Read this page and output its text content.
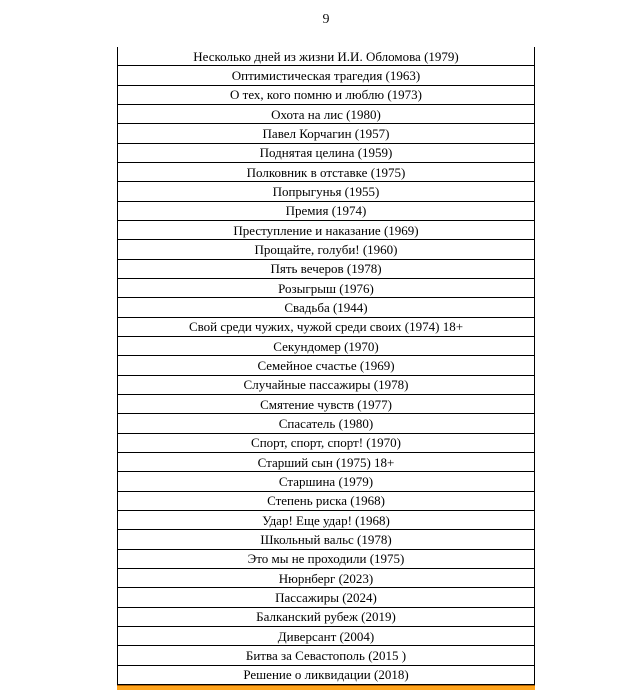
9
Несколько дней из жизни И.И. Обломова (1979)
Оптимистическая трагедия (1963)
О тех, кого помню и люблю (1973)
Охота на лис (1980)
Павел Корчагин (1957)
Поднятая целина (1959)
Полковник в отставке (1975)
Попрыгунья (1955)
Премия (1974)
Преступление и наказание (1969)
Прощайте, голуби! (1960)
Пять вечеров (1978)
Розыгрыш (1976)
Свадьба (1944)
Свой среди чужих, чужой среди своих (1974) 18+
Секундомер (1970)
Семейное счастье (1969)
Случайные пассажиры (1978)
Смятение чувств (1977)
Спасатель (1980)
Спорт, спорт, спорт! (1970)
Старший сын (1975) 18+
Старшина (1979)
Степень риска (1968)
Удар! Еще удар! (1968)
Школьный вальс (1978)
Это мы не проходили (1975)
Нюрнберг (2023)
Пассажиры (2024)
Балканский рубеж (2019)
Диверсант (2004)
Битва за Севастополь (2015 )
Решение о ликвидации (2018)
